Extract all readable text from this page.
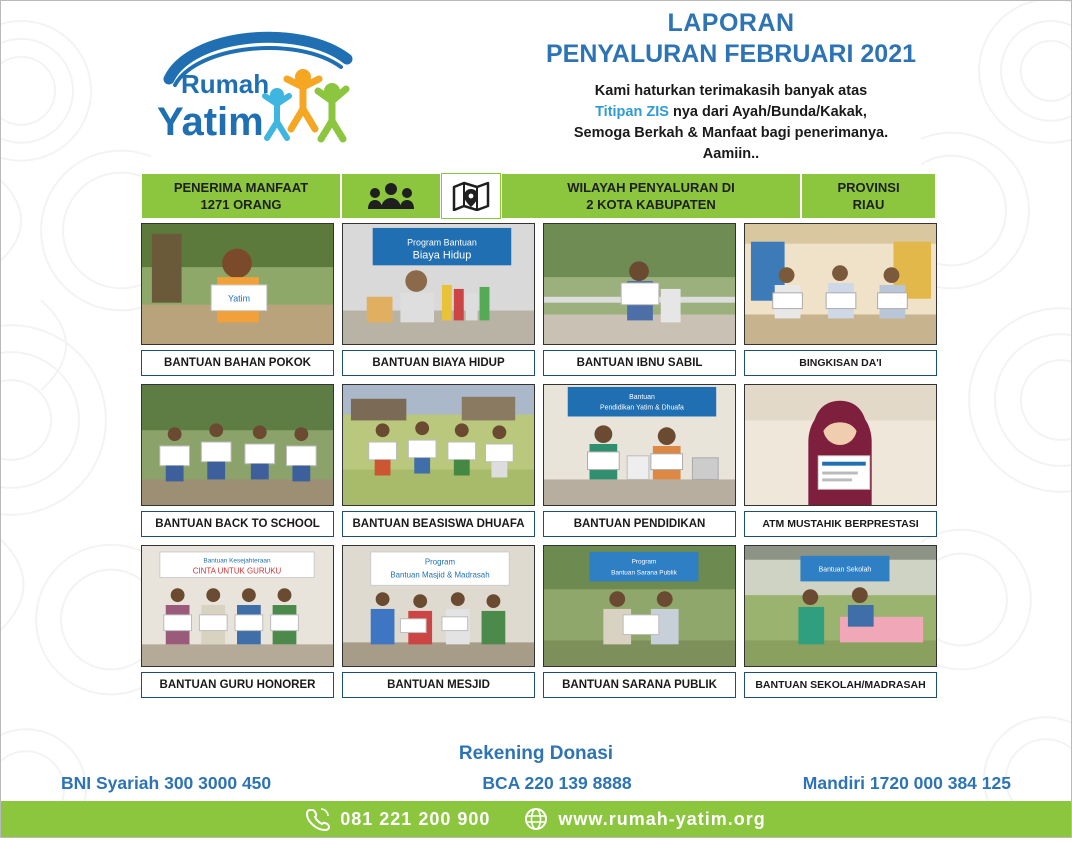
Rumah
Yatim
LAPORAN
PENYALURAN FEBRUARI 2021
Kami haturkan terimakasih banyak atas
Titipan ZIS nya dari Ayah/Bunda/Kakak,
Semoga Berkah & Manfaat bagi penerimanya.
Aamiin..
PENERIMA MANFAAT
1271 ORANG
WILAYAH PENYALURAN DI
2 KOTA KABUPATEN
PROVINSI
RIAU
Yatim
BANTUAN BAHAN POKOK
Program Bantuan
Biaya Hidup
BANTUAN BIAYA HIDUP	BANTUAN IBNU SABIL	BINGKISAN DA'I
BANTUAN BACK TO SCHOOL	BANTUAN BEASISWA DHUAFA
Bantuan
Pendidikan Yatim & Dhuafa
BANTUAN PENDIDIKAN	ATM MUSTAHIK BERPRESTASI
Bantuan Kesejahteraan
CINTA UNTUK GURUKU
BANTUAN GURU HONORER
Program
Bantuan Masjid & Madrasah
BANTUAN MESJID
Program
Bantuan Sarana Publik
BANTUAN SARANA PUBLIK
Bantuan Sekolah
BANTUAN SEKOLAH/MADRASAH
Rekening Donasi
BNI Syariah 300 3000 450	BCA 220 139 8888	Mandiri 1720 000 384 125
081 221 200 900	www.rumah-yatim.org
